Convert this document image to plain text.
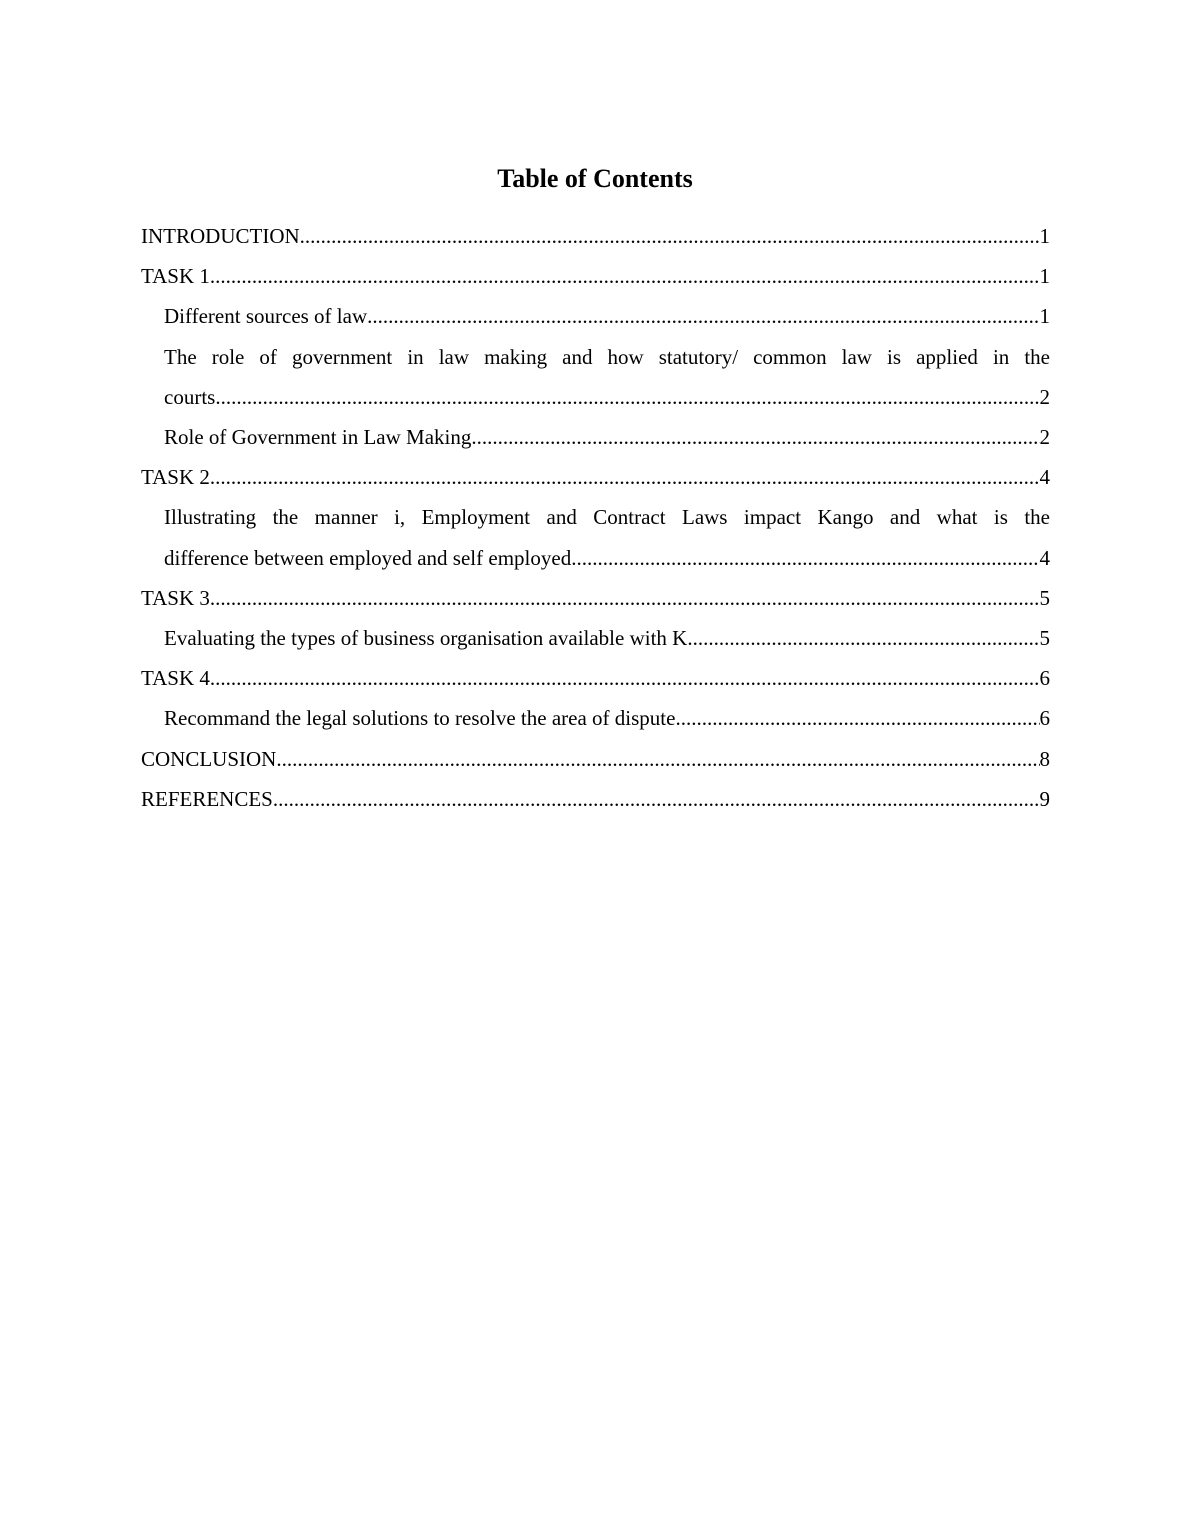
Table of Contents
INTRODUCTION .....	1
TASK 1 .....	1
Different sources of law .....	1
The role of government in law making and how statutory/ common law is applied in the
courts .....	2
Role of Government in Law Making .....	2
TASK 2 .....	4
Illustrating the manner i, Employment and Contract Laws impact Kango and what is the
difference between employed and self employed .....	4
TASK 3 .....	5
Evaluating the types of business organisation available with K .....	5
TASK 4 .....	6
Recommand the legal solutions to resolve the area of dispute .....	6
CONCLUSION .....	8
REFERENCES .....	9
